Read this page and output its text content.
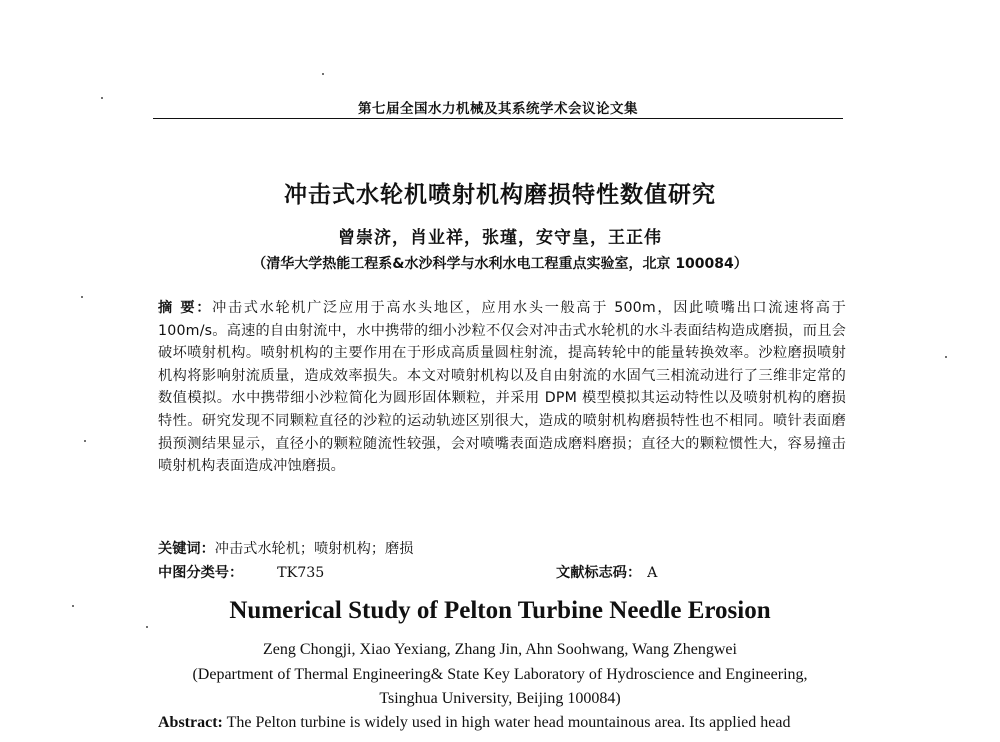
第七届全国水力机械及其系统学术会议论文集
冲击式水轮机喷射机构磨损特性数值研究
曾崇济，肖业祥，张瑾，安守皇，王正伟
（清华大学热能工程系&水沙科学与水利水电工程重点实验室，北京 100084）
摘 要：冲击式水轮机广泛应用于高水头地区，应用水头一般高于 500m，因此喷嘴出口流速将高于 100m/s。高速的自由射流中，水中携带的细小沙粒不仅会对冲击式水轮机的水斗表面结构造成磨损，而且会破坏喷射机构。喷射机构的主要作用在于形成高质量圆柱射流，提高转轮中的能量转换效率。沙粒磨损喷射机构将影响射流质量，造成效率损失。本文对喷射机构以及自由射流的水固气三相流动进行了三维非定常的数值模拟。水中携带细小沙粒简化为圆形固体颗粒，并采用 DPM 模型模拟其运动特性以及喷射机构的磨损特性。研究发现不同颗粒直径的沙粒的运动轨迹区别很大，造成的喷射机构磨损特性也不相同。喷针表面磨损预测结果显示，直径小的颗粒随流性较强，会对喷嘴表面造成磨料磨损；直径大的颗粒惯性大，容易撞击喷射机构表面造成冲蚀磨损。
关键词：冲击式水轮机；喷射机构；磨损
中图分类号： TK735	文献标志码： A
Numerical Study of Pelton Turbine Needle Erosion
Zeng Chongji, Xiao Yexiang, Zhang Jin, Ahn Soohwang, Wang Zhengwei
(Department of Thermal Engineering& State Key Laboratory of Hydroscience and Engineering,
Tsinghua University, Beijing 100084)
Abstract: The Pelton turbine is widely used in high water head mountainous area. Its applied head
